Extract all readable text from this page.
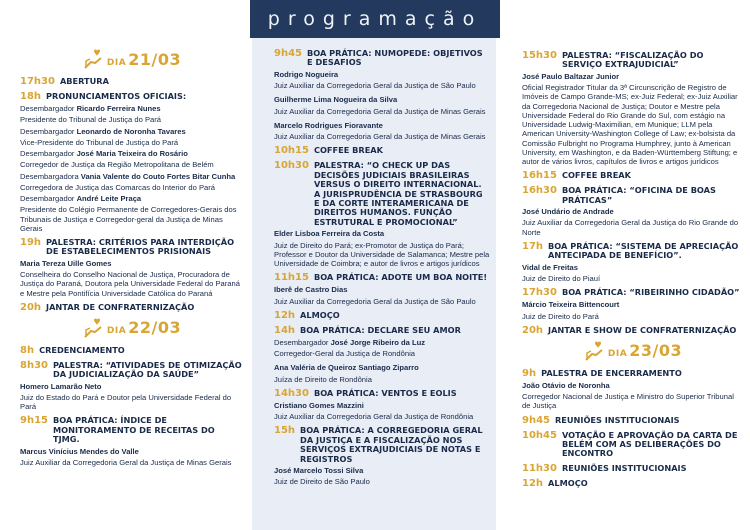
programação
DIA 21/03
17h30 ABERTURA
18h PRONUNCIAMENTOS OFICIAIS:
Desembargador Ricardo Ferreira Nunes
Presidente do Tribunal de Justiça do Pará
Desembargador Leonardo de Noronha Tavares
Vice-Presidente do Tribunal de Justiça do Pará
Desembargador José Maria Teixeira do Rosário
Corregedor de Justiça da Região Metropolitana de Belém
Desembargadora Vania Valente do Couto Fortes Bitar Cunha
Corregedora de Justiça das Comarcas do Interior do Pará
Desembargador André Leite Praça
Presidente do Colégio Permanente de Corregedores-Gerais dos Tribunais de Justiça e Corregedor-geral da Justiça de Minas Gerais
19h PALESTRA: CRITÉRIOS PARA INTERDIÇÃO DE ESTABELECIMENTOS PRISIONAIS
Maria Tereza Uille Gomes
Conselheira do Conselho Nacional de Justiça, Procuradora de Justiça do Paraná, Doutora pela Universidade Federal do Paraná e Mestre pela Pontifícia Universidade Católica do Paraná
20h JANTAR DE CONFRATERNIZAÇÃO
DIA 22/03
8h CREDENCIAMENTO
8h30 PALESTRA: “ATIVIDADES DE OTIMIZAÇÃO DA JUDICIALIZAÇÃO DA SAÚDE”
Homero Lamarão Neto
Juiz do Estado do Pará e Doutor pela Universidade Federal do Pará
9h15 BOA PRÁTICA: ÍNDICE DE MONITORAMENTO DE RECEITAS DO TJMG.
Marcus Vinícius Mendes do Valle
Juiz Auxiliar da Corregedoria Geral da Justiça de Minas Gerais
9h45 BOA PRÁTICA: NUMOPEDE: OBJETIVOS E DESAFIOS
Rodrigo Nogueira
Juiz Auxiliar da Corregedoria Geral da Justiça de São Paulo
Guilherme Lima Nogueira da Silva
Juiz Auxiliar da Corregedoria Geral da Justiça de Minas Gerais
Marcelo Rodrigues Fioravante
Juiz Auxiliar da Corregedoria Geral da Justiça de Minas Gerais
10h15 COFFEE BREAK
10h30 PALESTRA: “O CHECK UP DAS DECISÕES JUDICIAIS BRASILEIRAS VERSUS O DIREITO INTERNACIONAL. A JURISPRUDÊNCIA DE STRASBOURG E DA CORTE INTERAMERICANA DE DIREITOS HUMANOS. FUNÇÃO ESTRUTURAL E PROMOCIONAL”
Elder Lisboa Ferreira da Costa
Juiz de Direito do Pará; ex-Promotor de Justiça do Pará; Professor e Doutor da Universidade de Salamanca; Mestre pela Universidade de Coimbra; e autor de livros e artigos jurídicos
11h15 BOA PRÁTICA: ADOTE UM BOA NOITE!
Iberê de Castro Dias
Juiz Auxiliar da Corregedoria Geral da Justiça de São Paulo
12h ALMOÇO
14h BOA PRÁTICA: DECLARE SEU AMOR
Desembargador José Jorge Ribeiro da Luz
Corregedor-Geral da Justiça de Rondônia
Ana Valéria de Queiroz Santiago Ziparro
Juíza de Direito de Rondônia
14h30 BOA PRÁTICA: VENTOS E EOLIS
Cristiano Gomes Mazzini
Juiz Auxiliar da Corregedoria Geral da Justiça de Rondônia
15h BOA PRÁTICA: A CORREGEDORIA GERAL DA JUSTIÇA E A FISCALIZAÇÃO NOS SERVIÇOS EXTRAJUDICIAIS DE NOTAS E REGISTROS
José Marcelo Tossi Silva
Juiz de Direito de São Paulo
15h30 PALESTRA: “FISCALIZAÇÃO DO SERVIÇO EXTRAJUDICIAL”
José Paulo Baltazar Junior
Oficial Registrador Titular da 3ª Circunscrição de Registro de Imóveis de Campo Grande-MS; ex-Juiz Federal; ex-Juiz Auxiliar da Corregedoria Nacional de Justiça; Doutor e Mestre pela Universidade Federal do Rio Grande do Sul, com estágio na Universidade Ludwig-Maximilian, em Munique; LLM pela American University-Washington College of Law; ex-bolsista da Comissão Fulbright no Programa Humphrey, junto à American University, em Washington, e da Baden-Württemberg Stiftung; e autor de vários livros, capítulos de livros e artigos jurídicos
16h15 COFFEE BREAK
16h30 BOA PRÁTICA: “OFICINA DE BOAS PRÁTICAS”
José Undário de Andrade
Juiz Auxiliar da Corregedoria Geral da Justiça do Rio Grande do Norte
17h BOA PRÁTICA: “SISTEMA DE APRECIAÇÃO ANTECIPADA DE BENEFÍCIO”.
Vidal de Freitas
Juiz de Direito do Piauí
17h30 BOA PRÁTICA: “RIBEIRINHO CIDADÃO”
Márcio Teixeira Bittencourt
Juiz de Direito do Pará
20h JANTAR E SHOW DE CONFRATERNIZAÇÃO
DIA 23/03
9h PALESTRA DE ENCERRAMENTO
João Otávio de Noronha
Corregedor Nacional de Justiça e Ministro do Superior Tribunal de Justiça
9h45 REUNIÕES INSTITUCIONAIS
10h45 VOTAÇÃO E APROVAÇÃO DA CARTA DE BELÉM COM AS DELIBERAÇÕES DO ENCONTRO
11h30 REUNIÕES INSTITUCIONAIS
12h ALMOÇO
